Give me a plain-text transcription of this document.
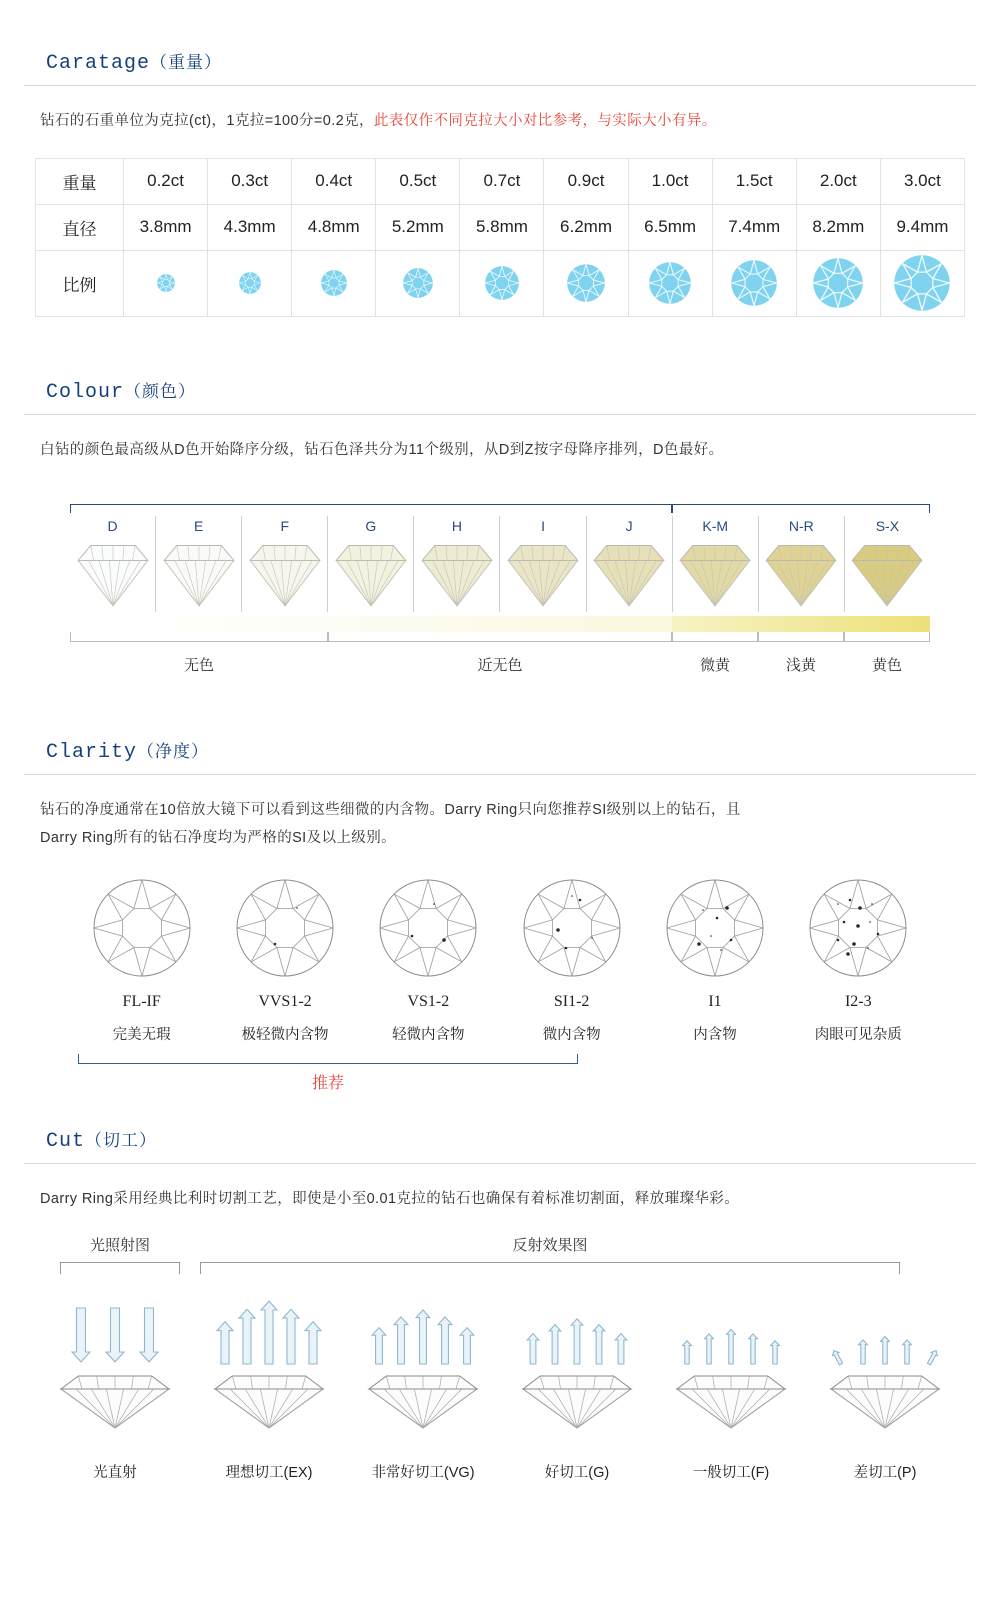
Caratage（重量）
钻石的石重单位为克拉(ct)，1克拉=100分=0.2克，此表仅作不同克拉大小对比参考，与实际大小有异。
重量	0.2ct	0.3ct	0.4ct	0.5ct	0.7ct	0.9ct	1.0ct	1.5ct	2.0ct	3.0ct
直径	3.8mm	4.3mm	4.8mm	5.2mm	5.8mm	6.2mm	6.5mm	7.4mm	8.2mm	9.4mm
比例	

Colour（颜色）
白钻的颜色最高级从D色开始降序分级，钻石色泽共分为11个级别，从D到Z按字母降序排列，D色最好。
D	E	F	G	H	I	J	K-M	N-R	S-X
无色	近无色	微黄	浅黄	黄色
Clarity（净度）
钻石的净度通常在10倍放大镜下可以看到这些细微的内含物。Darry Ring只向您推荐SI级别以上的钻石，且
Darry Ring所有的钻石净度均为严格的SI及以上级别。
FL-IF
完美无瑕
VVS1-2
极轻微内含物
VS1-2
轻微内含物
SI1-2
微内含物
I1
内含物
I2-3
肉眼可见杂质
推荐
Cut（切工）
Darry Ring采用经典比利时切割工艺，即使是小至0.01克拉的钻石也确保有着标准切割面，释放璀璨华彩。
光照射图	反射效果图
光直射	理想切工(EX)	非常好切工(VG)	好切工(G)	一般切工(F)	差切工(P)
